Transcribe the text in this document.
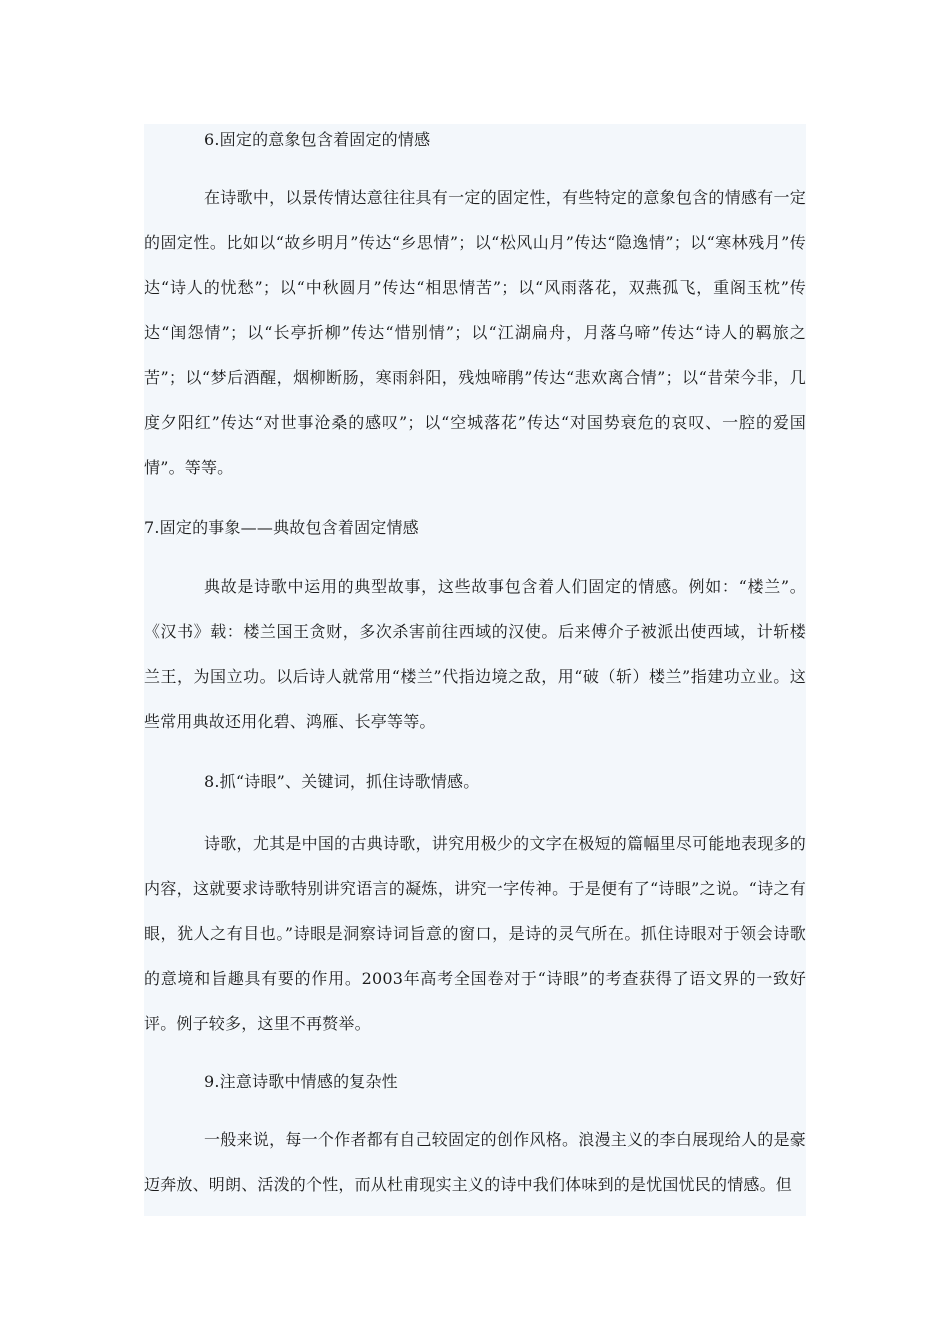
6.固定的意象包含着固定的情感

在诗歌中，以景传情达意往往具有一定的固定性，有些特定的意象包含的情感有一定的固定性。比如以“故乡明月”传达“乡思情”；以“松风山月”传达“隐逸情”；以“寒林残月”传达“诗人的忧愁”；以“中秋圆月”传达“相思情苦”；以“风雨落花，双燕孤飞，重阁玉枕”传达“闺怨情”；以“长亭折柳”传达“惜别情”；以“江湖扁舟，月落乌啼”传达“诗人的羁旅之苦”；以“梦后酒醒，烟柳断肠，寒雨斜阳，残烛啼鹃”传达“悲欢离合情”；以“昔荣今非，几度夕阳红”传达“对世事沧桑的感叹”；以“空城落花”传达“对国势衰危的哀叹、一腔的爱国情”。等等。

7.固定的事象——典故包含着固定情感

典故是诗歌中运用的典型故事，这些故事包含着人们固定的情感。例如：“楼兰”。《汉书》载：楼兰国王贪财，多次杀害前往西域的汉使。后来傅介子被派出使西域，计斩楼兰王，为国立功。以后诗人就常用“楼兰”代指边境之敌，用“破（斩）楼兰”指建功立业。这些常用典故还用化碧、鸿雁、长亭等等。

8.抓“诗眼”、关键词，抓住诗歌情感。

诗歌，尤其是中国的古典诗歌，讲究用极少的文字在极短的篇幅里尽可能地表现多的内容，这就要求诗歌特别讲究语言的凝炼，讲究一字传神。于是便有了“诗眼”之说。“诗之有眼，犹人之有目也。”诗眼是洞察诗词旨意的窗口，是诗的灵气所在。抓住诗眼对于领会诗歌的意境和旨趣具有要的作用。2003年高考全国卷对于“诗眼”的考查获得了语文界的一致好评。例子较多，这里不再赘举。

9.注意诗歌中情感的复杂性

一般来说，每一个作者都有自己较固定的创作风格。浪漫主义的李白展现给人的是豪迈奔放、明朗、活泼的个性，而从杜甫现实主义的诗中我们体味到的是忧国忧民的情感。但
